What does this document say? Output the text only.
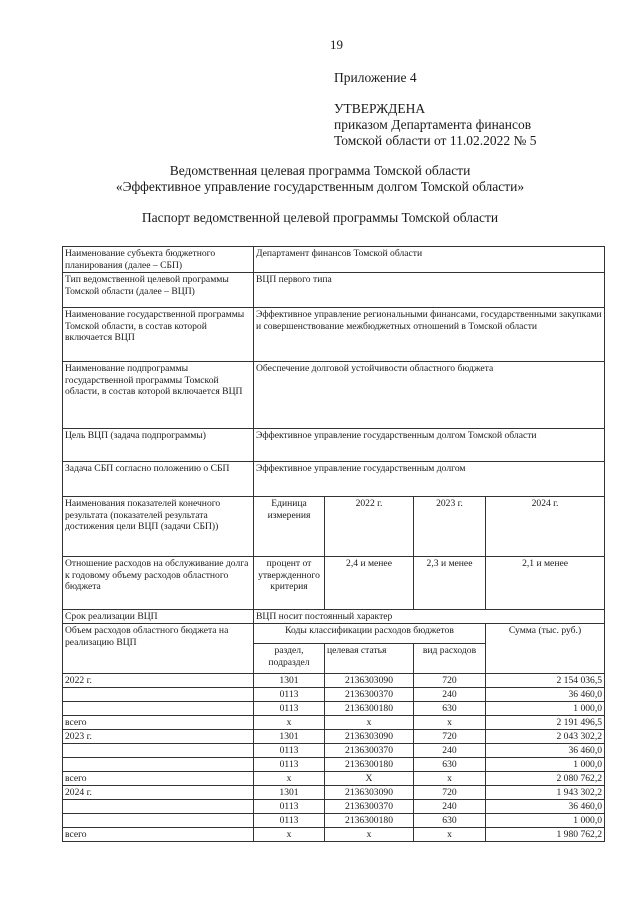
19
Приложение 4
УТВЕРЖДЕНА
приказом Департамента финансов
Томской области от 11.02.2022 № 5
Ведомственная целевая программа Томской области
«Эффективное управление государственным долгом Томской области»
Паспорт ведомственной целевой программы Томской области
Наименование субъекта бюджетного планирования (далее – СБП)	Департамент финансов Томской области			
Тип ведомственной целевой программы Томской области (далее – ВЦП)	ВЦП первого типа			
Наименование государственной программы Томской области, в состав которой включается ВЦП	Эффективное управление региональными финансами, государственными закупками и совершенствование межбюджетных отношений в Томской области			
Наименование подпрограммы государственной программы Томской области, в состав которой включается ВЦП	Обеспечение долговой устойчивости областного бюджета			
Цель ВЦП (задача подпрограммы)	Эффективное управление государственным долгом Томской области			
Задача СБП согласно положению о СБП	Эффективное управление государственным долгом			
Наименования показателей конечного результата (показателей результата достижения цели ВЦП (задачи СБП))	Единица измерения	2022 г.	2023 г.	2024 г.
Отношение расходов на обслуживание долга к годовому объему расходов областного бюджета	процент от утвержденного критерия	2,4 и менее	2,3 и менее	2,1 и менее
Срок реализации ВЦП	ВЦП носит постоянный характер			
Объем расходов областного бюджета на реализацию ВЦП	Коды классификации расходов бюджетов			Сумма (тыс. руб.)
	раздел, подраздел	целевая статья	вид расходов	
2022 г.	1301	2136303090	720	2 154 036,5
	0113	2136300370	240	36 460,0
	0113	2136300180	630	1 000,0
всего	х	х	х	2 191 496,5
2023 г.	1301	2136303090	720	2 043 302,2
	0113	2136300370	240	36 460,0
	0113	2136300180	630	1 000,0
всего	х	Х	х	2 080 762,2
2024 г.	1301	2136303090	720	1 943 302,2
	0113	2136300370	240	36 460,0
	0113	2136300180	630	1 000,0
всего	х	х	х	1 980 762,2
